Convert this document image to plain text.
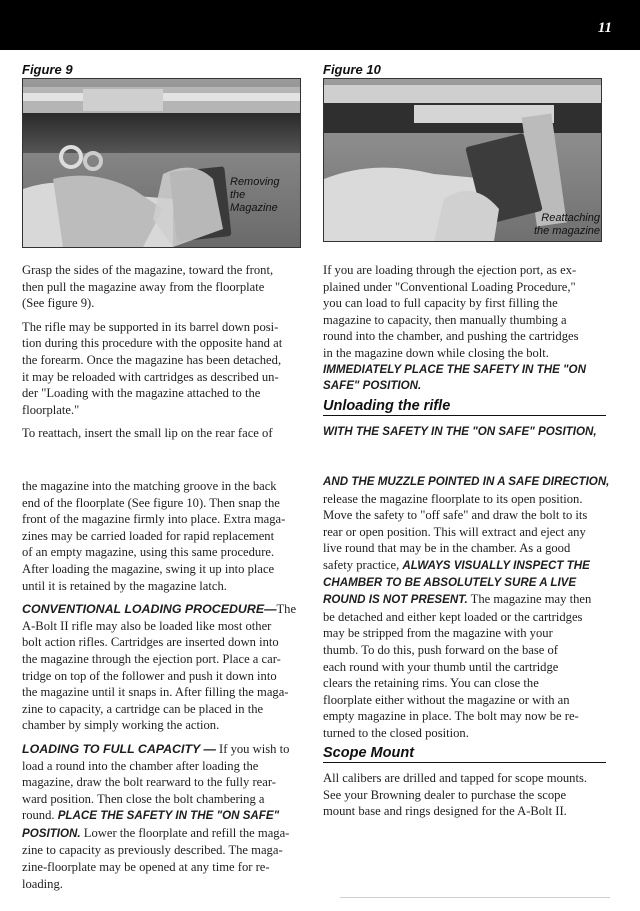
11
Figure 9
Removing
the
Magazine
Figure 10
Reattaching
the magazine

Grasp the sides of the magazine, toward the front,
then pull the magazine away from the floorplate
(See figure 9).

The rifle may be supported in its barrel down posi-
tion during this procedure with the opposite hand at
the forearm. Once the magazine has been detached,
it may be reloaded with cartridges as described un-
der "Loading with the magazine attached to the
floorplate."

To reattach, insert the small lip on the rear face of

If you are loading through the ejection port, as ex-
plained under "Conventional Loading Procedure,"
you can load to full capacity by first filling the
magazine to capacity, then manually thumbing a
round into the chamber, and pushing the cartridges
in the magazine down while closing the bolt.
IMMEDIATELY PLACE THE SAFETY IN THE "ON
SAFE" POSITION.

Unloading the rifle
WITH THE SAFETY IN THE "ON SAFE" POSITION,

the magazine into the matching groove in the back
end of the floorplate (See figure 10). Then snap the
front of the magazine firmly into place. Extra maga-
zines may be carried loaded for rapid replacement
of an empty magazine, using this same procedure.
After loading the magazine, swing it up into place
until it is retained by the magazine latch.

CONVENTIONAL LOADING PROCEDURE—The
A-Bolt II rifle may also be loaded like most other
bolt action rifles. Cartridges are inserted down into
the magazine through the ejection port. Place a car-
tridge on top of the follower and push it down into
the magazine until it snaps in. After filling the maga-
zine to capacity, a cartridge can be placed in the
chamber by simply working the action.

LOADING TO FULL CAPACITY — If you wish to
load a round into the chamber after loading the
magazine, draw the bolt rearward to the fully rear-
ward position. Then close the bolt chambering a
round. PLACE THE SAFETY IN THE "ON SAFE"
POSITION. Lower the floorplate and refill the maga-
zine to capacity as previously described. The maga-
zine-floorplate may be opened at any time for re-
loading.

AND THE MUZZLE POINTED IN A SAFE DIRECTION,
release the magazine floorplate to its open position.
Move the safety to "off safe" and draw the bolt to its
rear or open position. This will extract and eject any
live round that may be in the chamber. As a good
safety practice, ALWAYS VISUALLY INSPECT THE
CHAMBER TO BE ABSOLUTELY SURE A LIVE
ROUND IS NOT PRESENT. The magazine may then
be detached and either kept loaded or the cartridges
may be stripped from the magazine with your
thumb. To do this, push forward on the base of
each round with your thumb until the cartridge
clears the retaining rims. You can close the
floorplate either without the magazine or with an
empty magazine in place. The bolt may now be re-
turned to the closed position.

Scope Mount
All calibers are drilled and tapped for scope mounts.
See your Browning dealer to purchase the scope
mount base and rings designed for the A-Bolt II.
